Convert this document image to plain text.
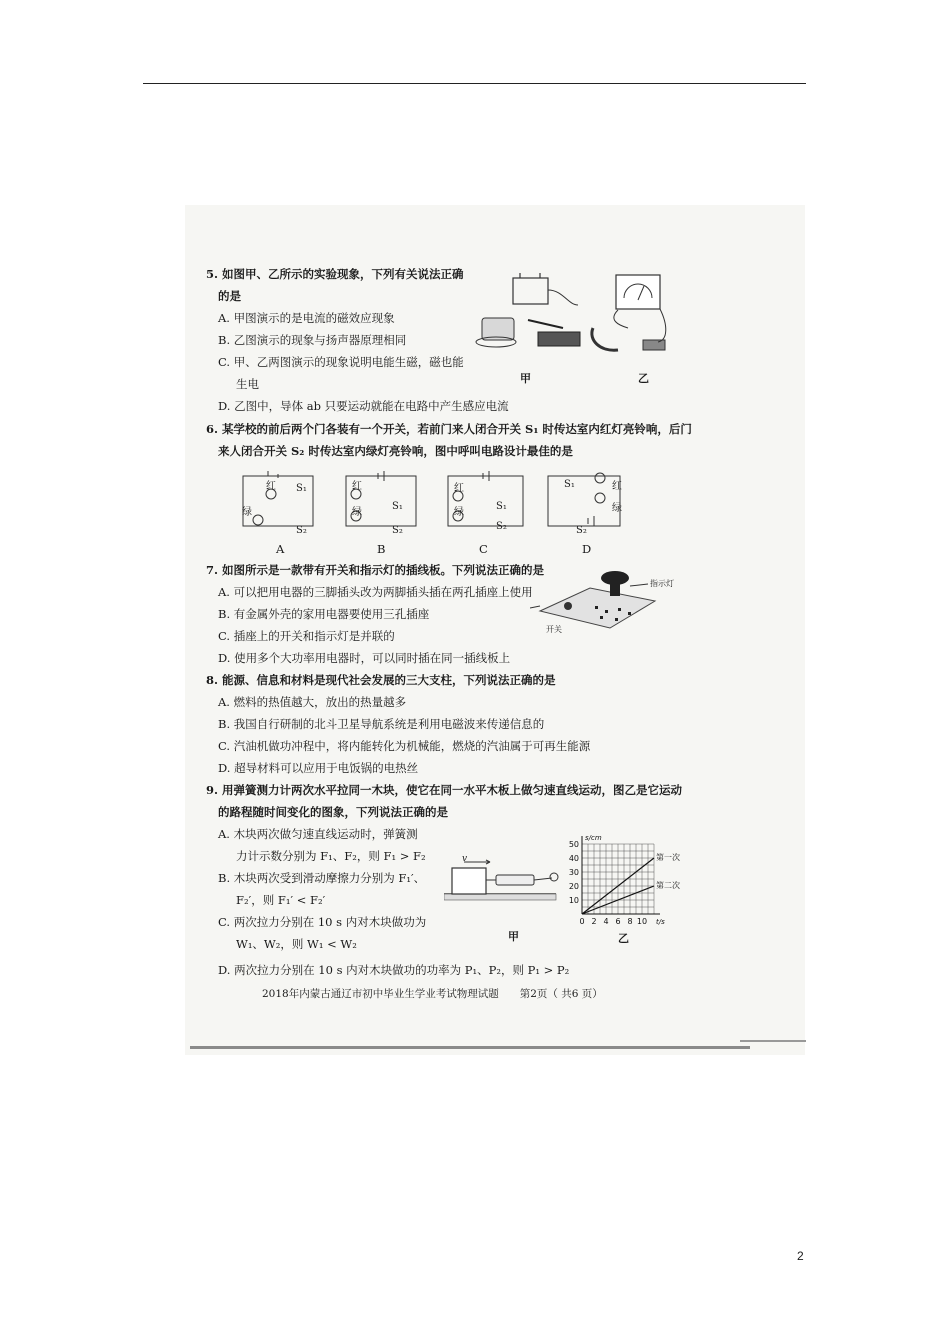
5. 如图甲、乙所示的实验现象，下列有关说法正确
的是
A. 甲图演示的是电流的磁效应现象
B. 乙图演示的现象与扬声器原理相同
C. 甲、乙两图演示的现象说明电能生磁，磁也能
生电
D. 乙图中，导体 ab 只要运动就能在电路中产生感应电流
甲	乙
6. 某学校的前后两个门各装有一个开关，若前门来人闭合开关 S₁ 时传达室内红灯亮铃响，后门
来人闭合开关 S₂ 时传达室内绿灯亮铃响，图中呼叫电路设计最佳的是
红
绿
S₁
S₂
红
绿
S₁
S₂
红
绿
S₁
S₂
S₁	红
绿
S₂
A	B	C	D
7. 如图所示是一款带有开关和指示灯的插线板。下列说法正确的是
A. 可以把用电器的三脚插头改为两脚插头插在两孔插座上使用
B. 有金属外壳的家用电器要使用三孔插座
C. 插座上的开关和指示灯是并联的
D. 使用多个大功率用电器时，可以同时插在同一插线板上
开关
指示灯
8. 能源、信息和材料是现代社会发展的三大支柱，下列说法正确的是
A. 燃料的热值越大，放出的热量越多
B. 我国自行研制的北斗卫星导航系统是利用电磁波来传递信息的
C. 汽油机做功冲程中，将内能转化为机械能，燃烧的汽油属于可再生能源
D. 超导材料可以应用于电饭锅的电热丝
9. 用弹簧测力计两次水平拉同一木块，使它在同一水平木板上做匀速直线运动，图乙是它运动
的路程随时间变化的图象，下列说法正确的是
A. 木块两次做匀速直线运动时，弹簧测
力计示数分别为 F₁、F₂，则 F₁ > F₂
B. 木块两次受到滑动摩擦力分别为 F₁′、
F₂′，则 F₁′ < F₂′
C. 两次拉力分别在 10 s 内对木块做功为
W₁、W₂，则 W₁ < W₂
D. 两次拉力分别在 10 s 内对木块做功的功率为 P₁、P₂，则 P₁ > P₂
v
甲
0 2 4 6 8 10
10
20
30
40
50
第一次
第二次
t/s
s/cm
乙
2018年内蒙古通辽市初中毕业生学业考试物理试题　　第2页（ 共6 页）
2
